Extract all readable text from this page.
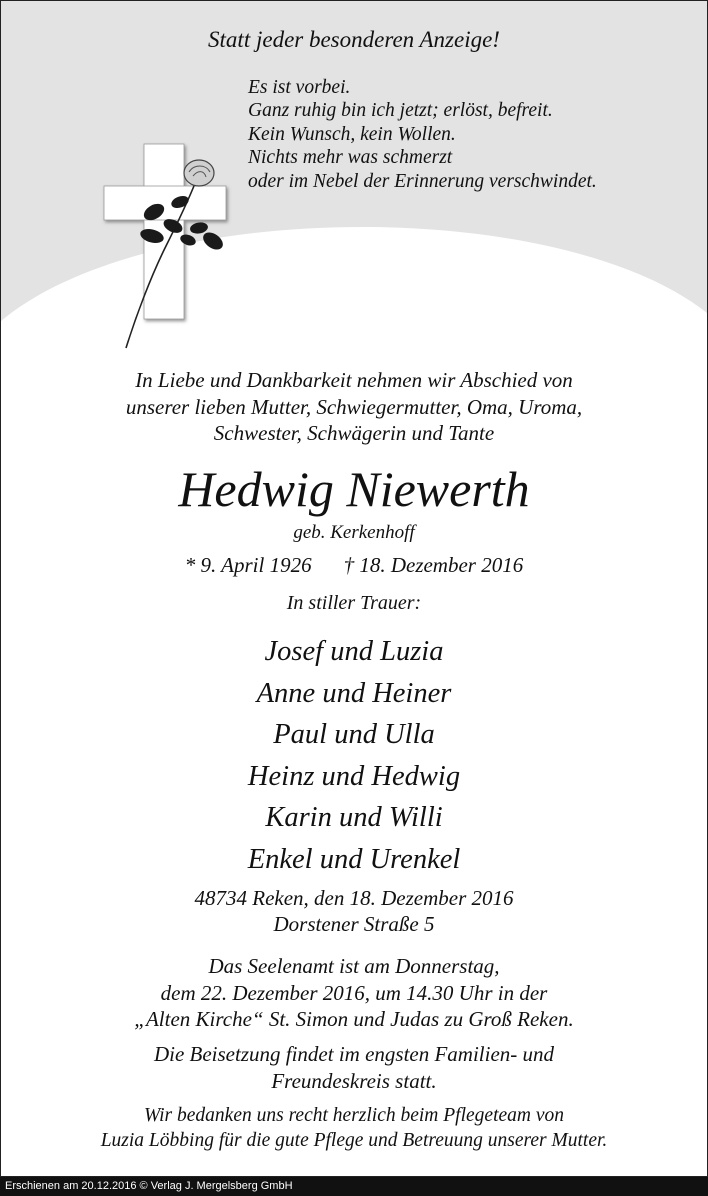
Statt jeder besonderen Anzeige!
Es ist vorbei.
Ganz ruhig bin ich jetzt; erlöst, befreit.
Kein Wunsch, kein Wollen.
Nichts mehr was schmerzt
oder im Nebel der Erinnerung verschwindet.
In Liebe und Dankbarkeit nehmen wir Abschied von
unserer lieben Mutter, Schwiegermutter, Oma, Uroma,
Schwester, Schwägerin und Tante
Hedwig Niewerth
geb. Kerkenhoff
* 9. April 1926 † 18. Dezember 2016
In stiller Trauer:
Josef und Luzia
Anne und Heiner
Paul und Ulla
Heinz und Hedwig
Karin und Willi
Enkel und Urenkel
48734 Reken, den 18. Dezember 2016
Dorstener Straße 5
Das Seelenamt ist am Donnerstag,
dem 22. Dezember 2016, um 14.30 Uhr in der
„Alten Kirche“ St. Simon und Judas zu Groß Reken.
Die Beisetzung findet im engsten Familien- und
Freundeskreis statt.
Wir bedanken uns recht herzlich beim Pflegeteam von
Luzia Löbbing für die gute Pflege und Betreuung unserer Mutter.
Erschienen am 20.12.2016 © Verlag J. Mergelsberg GmbH
